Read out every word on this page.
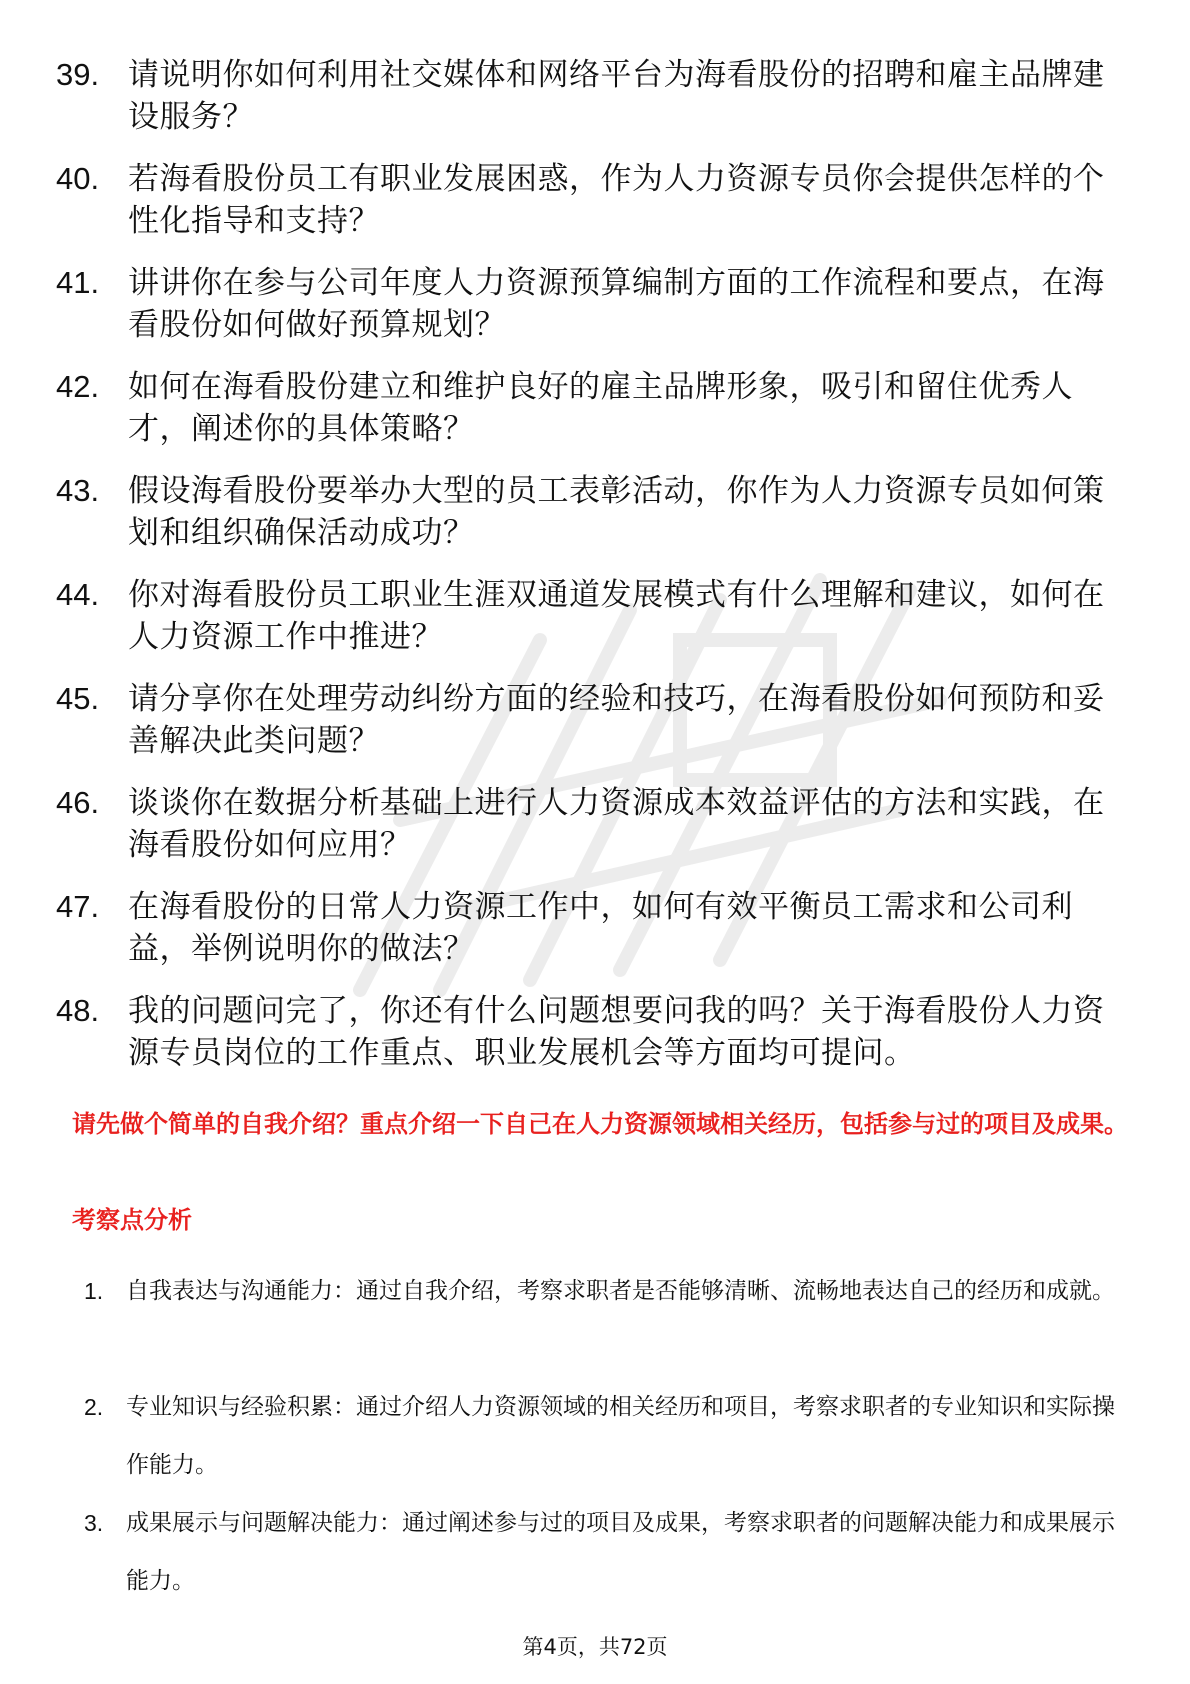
39. 请说明你如何利用社交媒体和网络平台为海看股份的招聘和雇主品牌建设服务？
40. 若海看股份员工有职业发展困惑，作为人力资源专员你会提供怎样的个性化指导和支持？
41. 讲讲你在参与公司年度人力资源预算编制方面的工作流程和要点，在海看股份如何做好预算规划？
42. 如何在海看股份建立和维护良好的雇主品牌形象，吸引和留住优秀人才，阐述你的具体策略？
43. 假设海看股份要举办大型的员工表彰活动，你作为人力资源专员如何策划和组织确保活动成功？
44. 你对海看股份员工职业生涯双通道发展模式有什么理解和建议，如何在人力资源工作中推进？
45. 请分享你在处理劳动纠纷方面的经验和技巧，在海看股份如何预防和妥善解决此类问题？
46. 谈谈你在数据分析基础上进行人力资源成本效益评估的方法和实践，在海看股份如何应用？
47. 在海看股份的日常人力资源工作中，如何有效平衡员工需求和公司利益，举例说明你的做法？
48. 我的问题问完了，你还有什么问题想要问我的吗？关于海看股份人力资源专员岗位的工作重点、职业发展机会等方面均可提问。
请先做个简单的自我介绍？重点介绍一下自己在人力资源领域相关经历，包括参与过的项目及成果。
考察点分析
1. 自我表达与沟通能力：通过自我介绍，考察求职者是否能够清晰、流畅地表达自己的经历和成就。
2. 专业知识与经验积累：通过介绍人力资源领域的相关经历和项目，考察求职者的专业知识和实际操作能力。
3. 成果展示与问题解决能力：通过阐述参与过的项目及成果，考察求职者的问题解决能力和成果展示能力。
第4页，共72页
